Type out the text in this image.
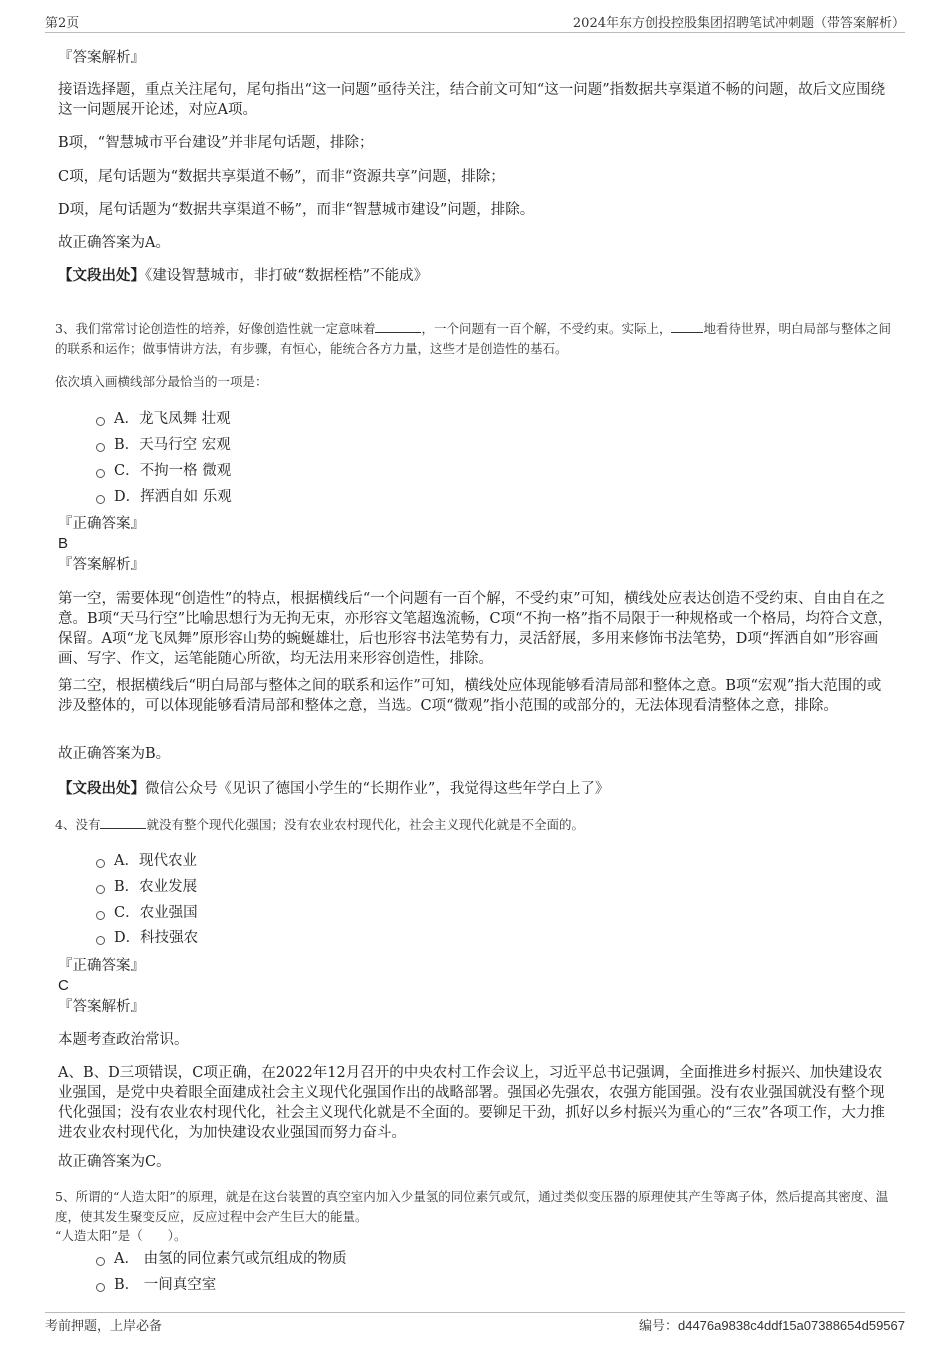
第2页	2024年东方创投控股集团招聘笔试冲刺题（带答案解析）
『答案解析』
接语选择题，重点关注尾句，尾句指出“这一问题”亟待关注，结合前文可知“这一问题”指数据共享渠道不畅的问题，故后文应围绕这一问题展开论述，对应A项。
B项，“智慧城市平台建设”并非尾句话题，排除；
C项，尾句话题为“数据共享渠道不畅”，而非“资源共享”问题，排除；
D项，尾句话题为“数据共享渠道不畅”，而非“智慧城市建设”问题，排除。
故正确答案为A。
【文段出处】《建设智慧城市，非打破“数据桎梏”不能成》
3、我们常常讨论创造性的培养，好像创造性就一定意味着	，一个问题有一百个解，不受约束。实际上，	地看待世界，明白局部与整体之间的联系和运作；做事情讲方法，有步骤，有恒心，能统合各方力量，这些才是创造性的基石。
依次填入画横线部分最恰当的一项是：
A．龙飞凤舞 壮观
B．天马行空 宏观
C．不拘一格 微观
D．挥洒自如 乐观
『正确答案』
B
『答案解析』
第一空，需要体现“创造性”的特点，根据横线后“一个问题有一百个解，不受约束”可知，横线处应表达创造不受约束、自由自在之意。B项“天马行空”比喻思想行为无拘无束，亦形容文笔超逸流畅，C项“不拘一格”指不局限于一种规格或一个格局，均符合文意，保留。A项“龙飞凤舞”原形容山势的蜿蜒雄壮，后也形容书法笔势有力，灵活舒展，多用来修饰书法笔势，D项“挥洒自如”形容画画、写字、作文，运笔能随心所欲，均无法用来形容创造性，排除。
第二空，根据横线后“明白局部与整体之间的联系和运作”可知，横线处应体现能够看清局部和整体之意。B项“宏观”指大范围的或涉及整体的，可以体现能够看清局部和整体之意，当选。C项“微观”指小范围的或部分的，无法体现看清整体之意，排除。
故正确答案为B。
【文段出处】微信公众号《见识了德国小学生的“长期作业”，我觉得这些年学白上了》
4、没有	就没有整个现代化强国；没有农业农村现代化，社会主义现代化就是不全面的。
A．现代农业
B．农业发展
C．农业强国
D．科技强农
『正确答案』
C
『答案解析』
本题考查政治常识。
A、B、D三项错误，C项正确，在2022年12月召开的中央农村工作会议上，习近平总书记强调，全面推进乡村振兴、加快建设农业强国，是党中央着眼全面建成社会主义现代化强国作出的战略部署。强国必先强农，农强方能国强。没有农业强国就没有整个现代化强国；没有农业农村现代化，社会主义现代化就是不全面的。要铆足干劲，抓好以乡村振兴为重心的“三农”各项工作，大力推进农业农村现代化，为加快建设农业强国而努力奋斗。
故正确答案为C。
5、所谓的“人造太阳”的原理，就是在这台装置的真空室内加入少量氢的同位素氕或氘，通过类似变压器的原理使其产生等离子体，然后提高其密度、温度，使其发生聚变反应，反应过程中会产生巨大的能量。
“人造太阳”是（　　）。
A． 由氢的同位素氕或氘组成的物质
B． 一间真空室
考前押题，上岸必备	编号：d4476a9838c4ddf15a07388654d59567
